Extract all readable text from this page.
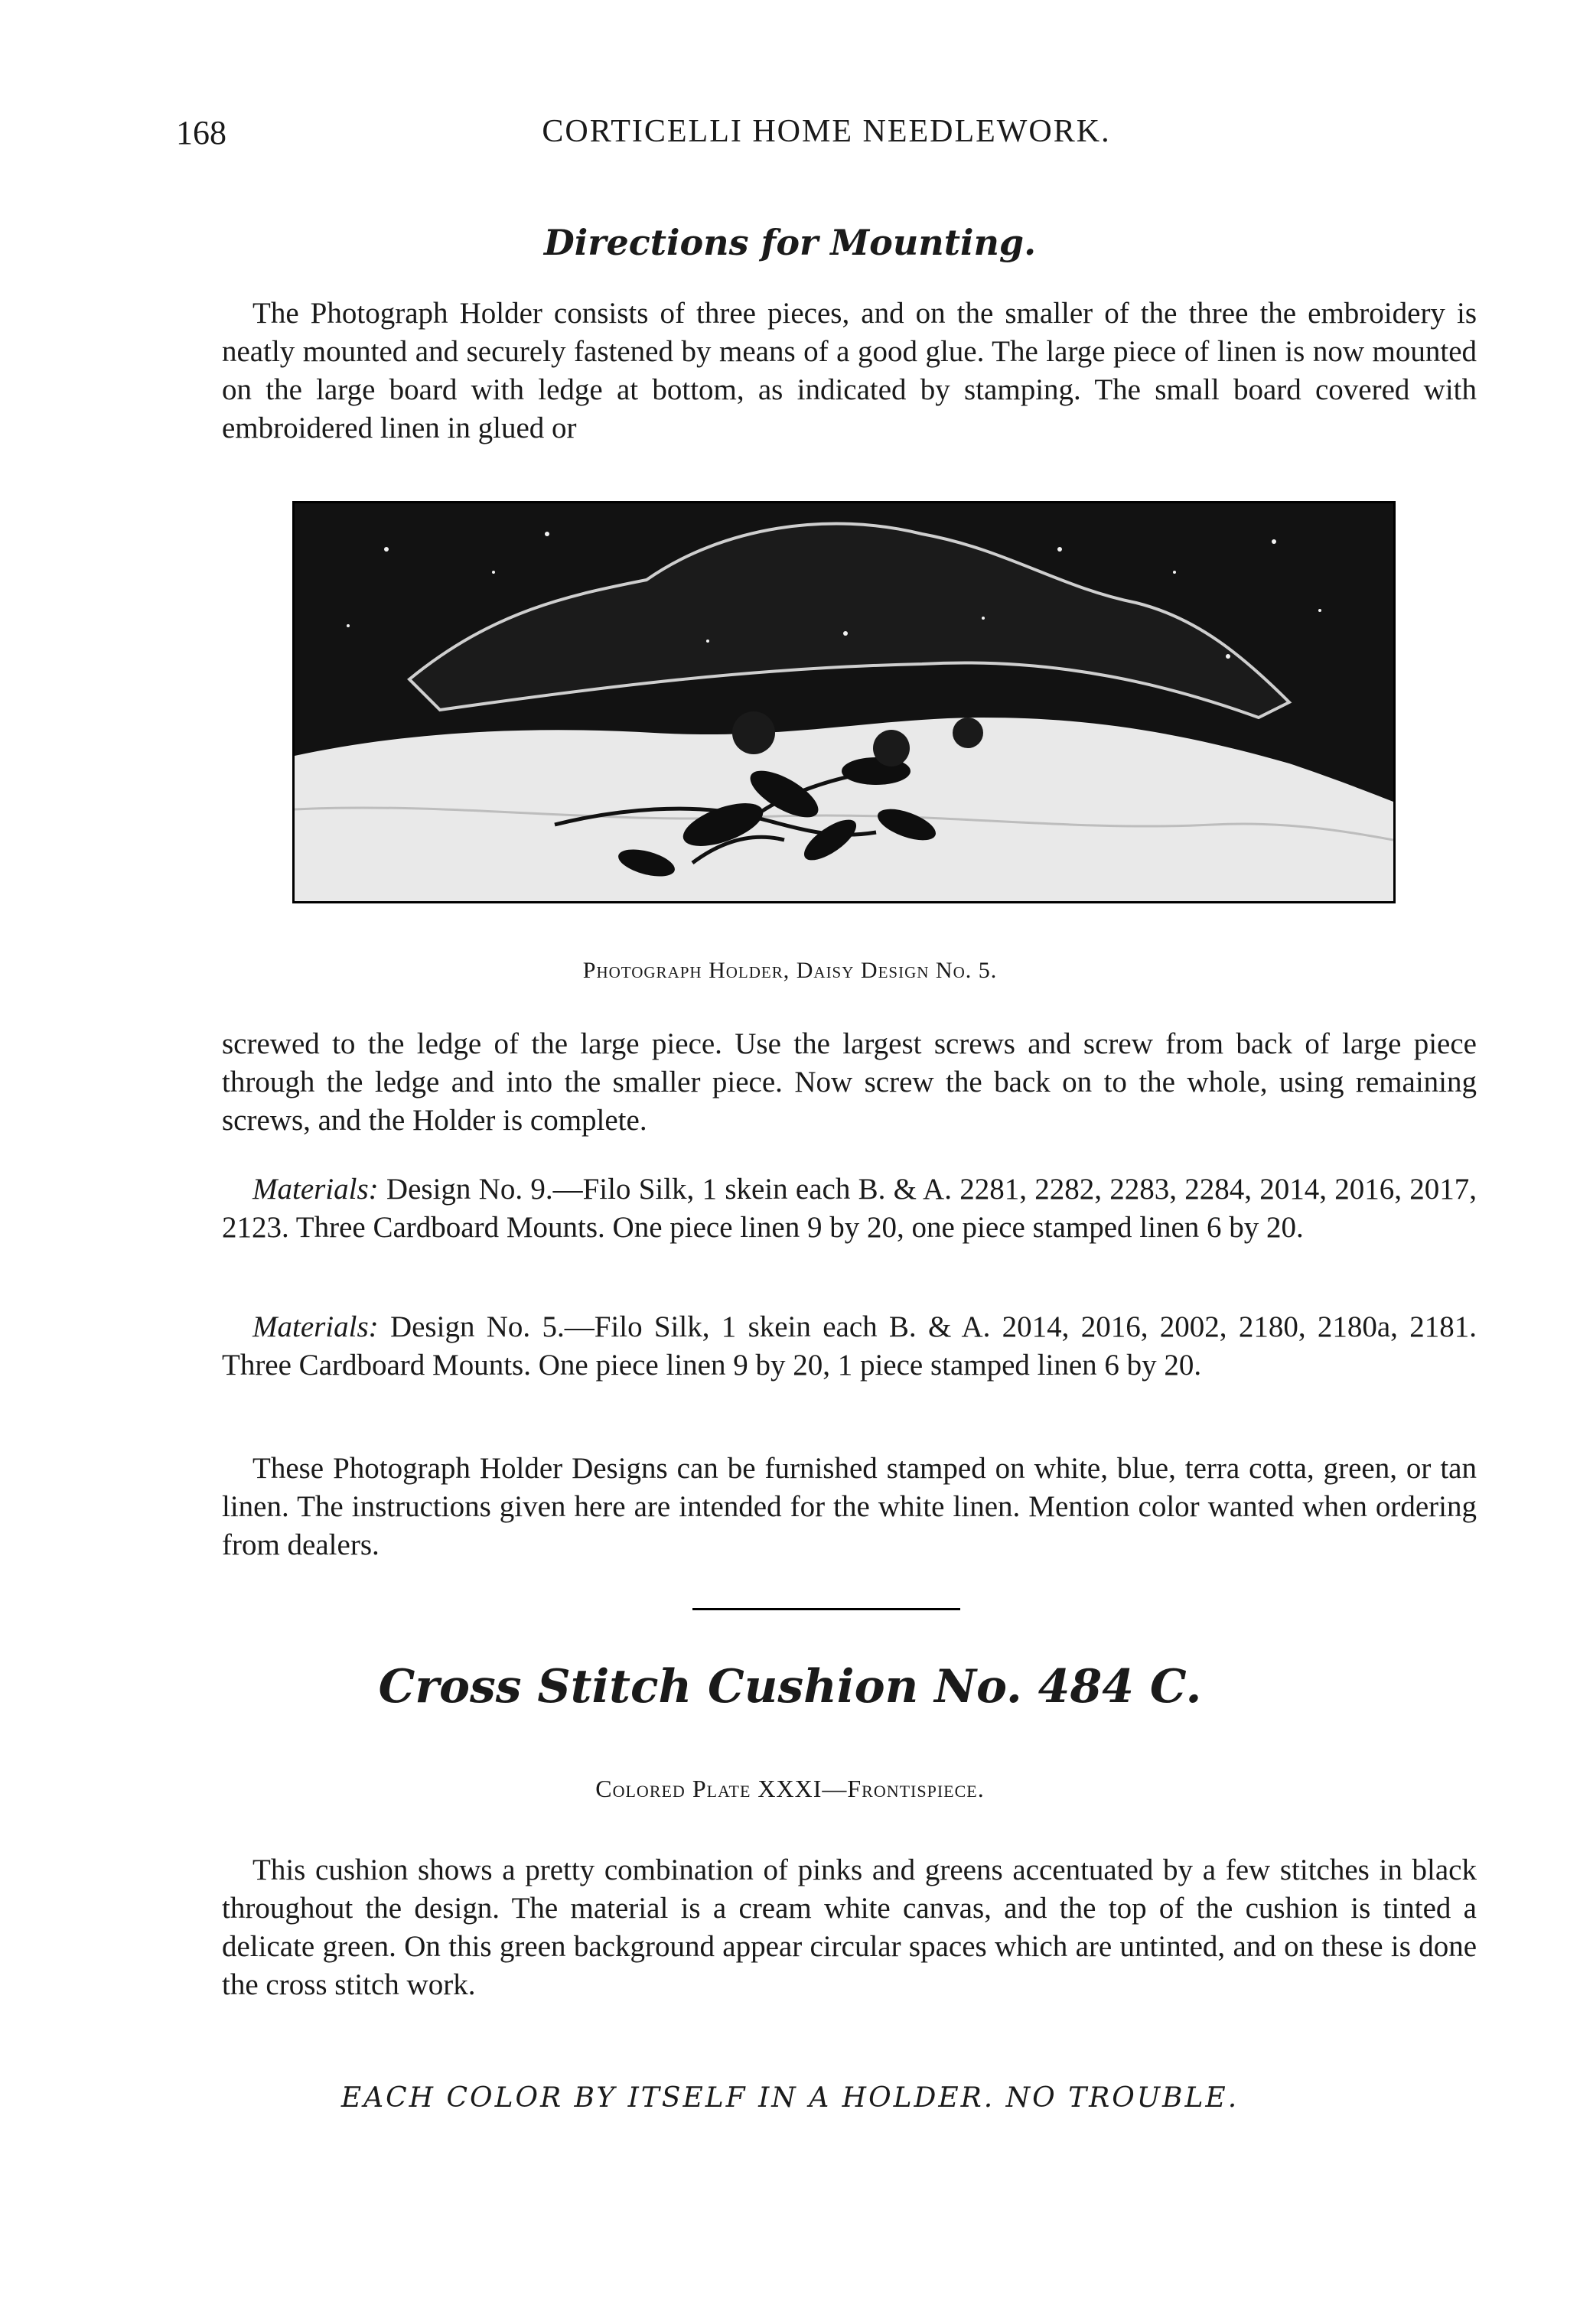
168	CORTICELLI HOME NEEDLEWORK.
Directions for Mounting.

The Photograph Holder consists of three pieces, and on the smaller of the three the embroidery is neatly mounted and securely fastened by means of a good glue. The large piece of linen is now mounted on the large board with ledge at bottom, as indicated by stamping. The small board covered with embroidered linen in glued or

Photograph Holder, Daisy Design No. 5.

screwed to the ledge of the large piece. Use the largest screws and screw from back of large piece through the ledge and into the smaller piece. Now screw the back on to the whole, using remaining screws, and the Holder is complete.

Materials: Design No. 9.—Filo Silk, 1 skein each B. & A. 2281, 2282, 2283, 2284, 2014, 2016, 2017, 2123. Three Cardboard Mounts. One piece linen 9 by 20, one piece stamped linen 6 by 20.

Materials: Design No. 5.—Filo Silk, 1 skein each B. & A. 2014, 2016, 2002, 2180, 2180a, 2181. Three Cardboard Mounts. One piece linen 9 by 20, 1 piece stamped linen 6 by 20.

These Photograph Holder Designs can be furnished stamped on white, blue, terra cotta, green, or tan linen. The instructions given here are intended for the white linen. Mention color wanted when ordering from dealers.

Cross Stitch Cushion No. 484 C.
Colored Plate XXXI—Frontispiece.

This cushion shows a pretty combination of pinks and greens accentuated by a few stitches in black throughout the design. The material is a cream white canvas, and the top of the cushion is tinted a delicate green. On this green background appear circular spaces which are untinted, and on these is done the cross stitch work.

EACH COLOR BY ITSELF IN A HOLDER. NO TROUBLE.
